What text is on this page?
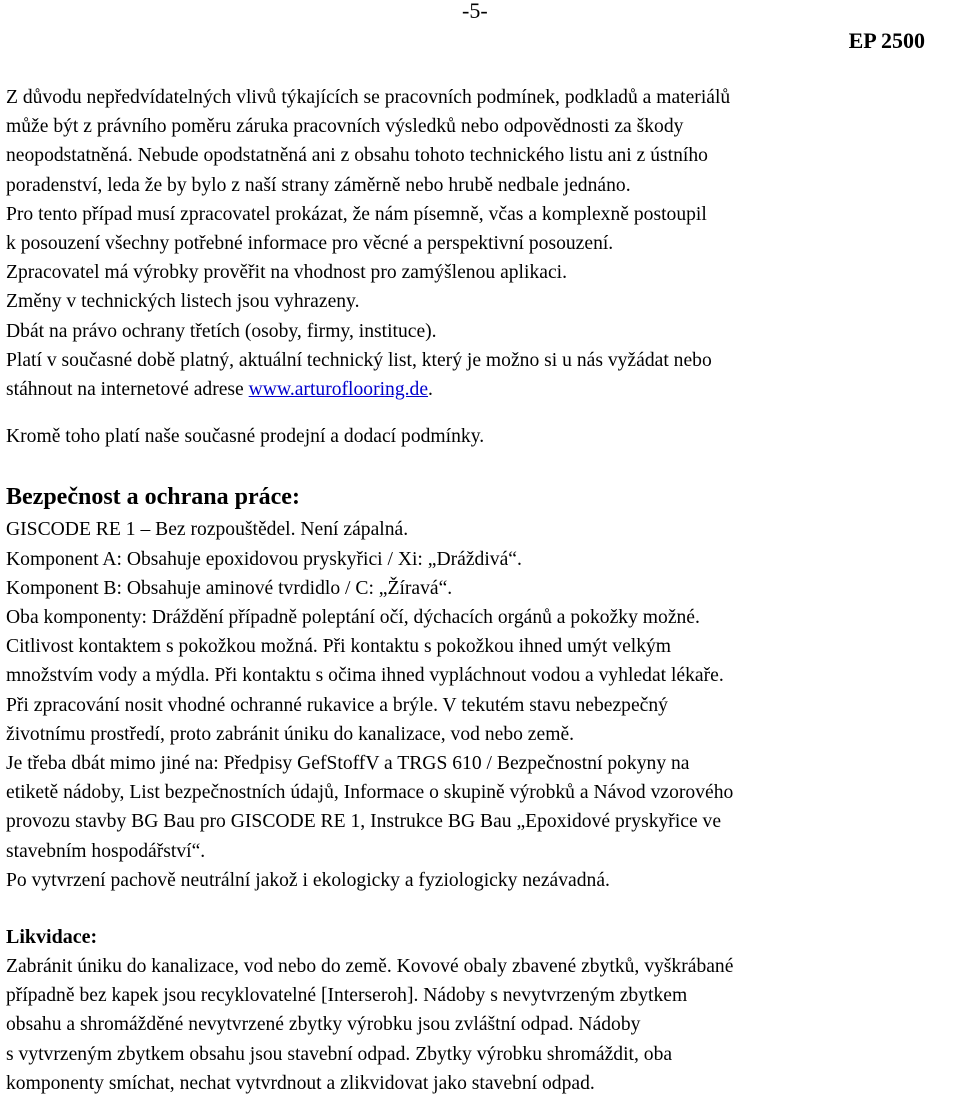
-5-
EP 2500
Z důvodu nepředvídatelných vlivů týkajících se pracovních podmínek, podkladů a materiálů
může být z právního poměru záruka pracovních výsledků nebo odpovědnosti za škody
neopodstatněná. Nebude opodstatněná ani z obsahu tohoto technického listu ani z ústního
poradenství, leda že by bylo z naší strany záměrně nebo hrubě nedbale jednáno.
Pro tento případ musí zpracovatel prokázat, že nám písemně, včas a komplexně postoupil
k posouzení všechny potřebné informace pro věcné a perspektivní posouzení.
Zpracovatel má výrobky prověřit na vhodnost pro zamýšlenou aplikaci.
Změny v technických listech jsou vyhrazeny.
Dbát na právo ochrany třetích (osoby, firmy, instituce).
Platí v současné době platný, aktuální technický list, který je možno si u nás vyžádat nebo
stáhnout na internetové adrese www.arturoflooring.de.
Kromě toho platí naše současné prodejní a dodací podmínky.
Bezpečnost a ochrana práce:
GISCODE RE 1 – Bez rozpouštědel. Není zápalná.
Komponent A: Obsahuje epoxidovou pryskyřici / Xi: „Dráždivá“.
Komponent B: Obsahuje aminové tvrdidlo / C: „Žíravá“.
Oba komponenty: Dráždění případně poleptání očí, dýchacích orgánů a pokožky možné.
Citlivost kontaktem s pokožkou možná. Při kontaktu s pokožkou ihned umýt velkým
množstvím vody a mýdla. Při kontaktu s očima ihned vypláchnout vodou a vyhledat lékaře.
Při zpracování nosit vhodné ochranné rukavice a brýle. V tekutém stavu nebezpečný
životnímu prostředí, proto zabránit úniku do kanalizace, vod nebo země.
Je třeba dbát mimo jiné na: Předpisy GefStoffV a TRGS 610 / Bezpečnostní pokyny na
etiketě nádoby, List bezpečnostních údajů, Informace o skupině výrobků a Návod vzorového
provozu stavby BG Bau pro GISCODE RE 1, Instrukce BG Bau „Epoxidové pryskyřice ve
stavebním hospodářství“.
Po vytvrzení pachově neutrální jakož i ekologicky a fyziologicky nezávadná.
Likvidace:
Zabránit úniku do kanalizace, vod nebo do země. Kovové obaly zbavené zbytků, vyškrábané
případně bez kapek jsou recyklovatelné [Interseroh]. Nádoby s nevytvrzeným zbytkem
obsahu a shromážděné nevytvrzené zbytky výrobku jsou zvláštní odpad. Nádoby
s vytvrzeným zbytkem obsahu jsou stavební odpad. Zbytky výrobku shromáždit, oba
komponenty smíchat, nechat vytvrdnout a zlikvidovat jako stavební odpad.
